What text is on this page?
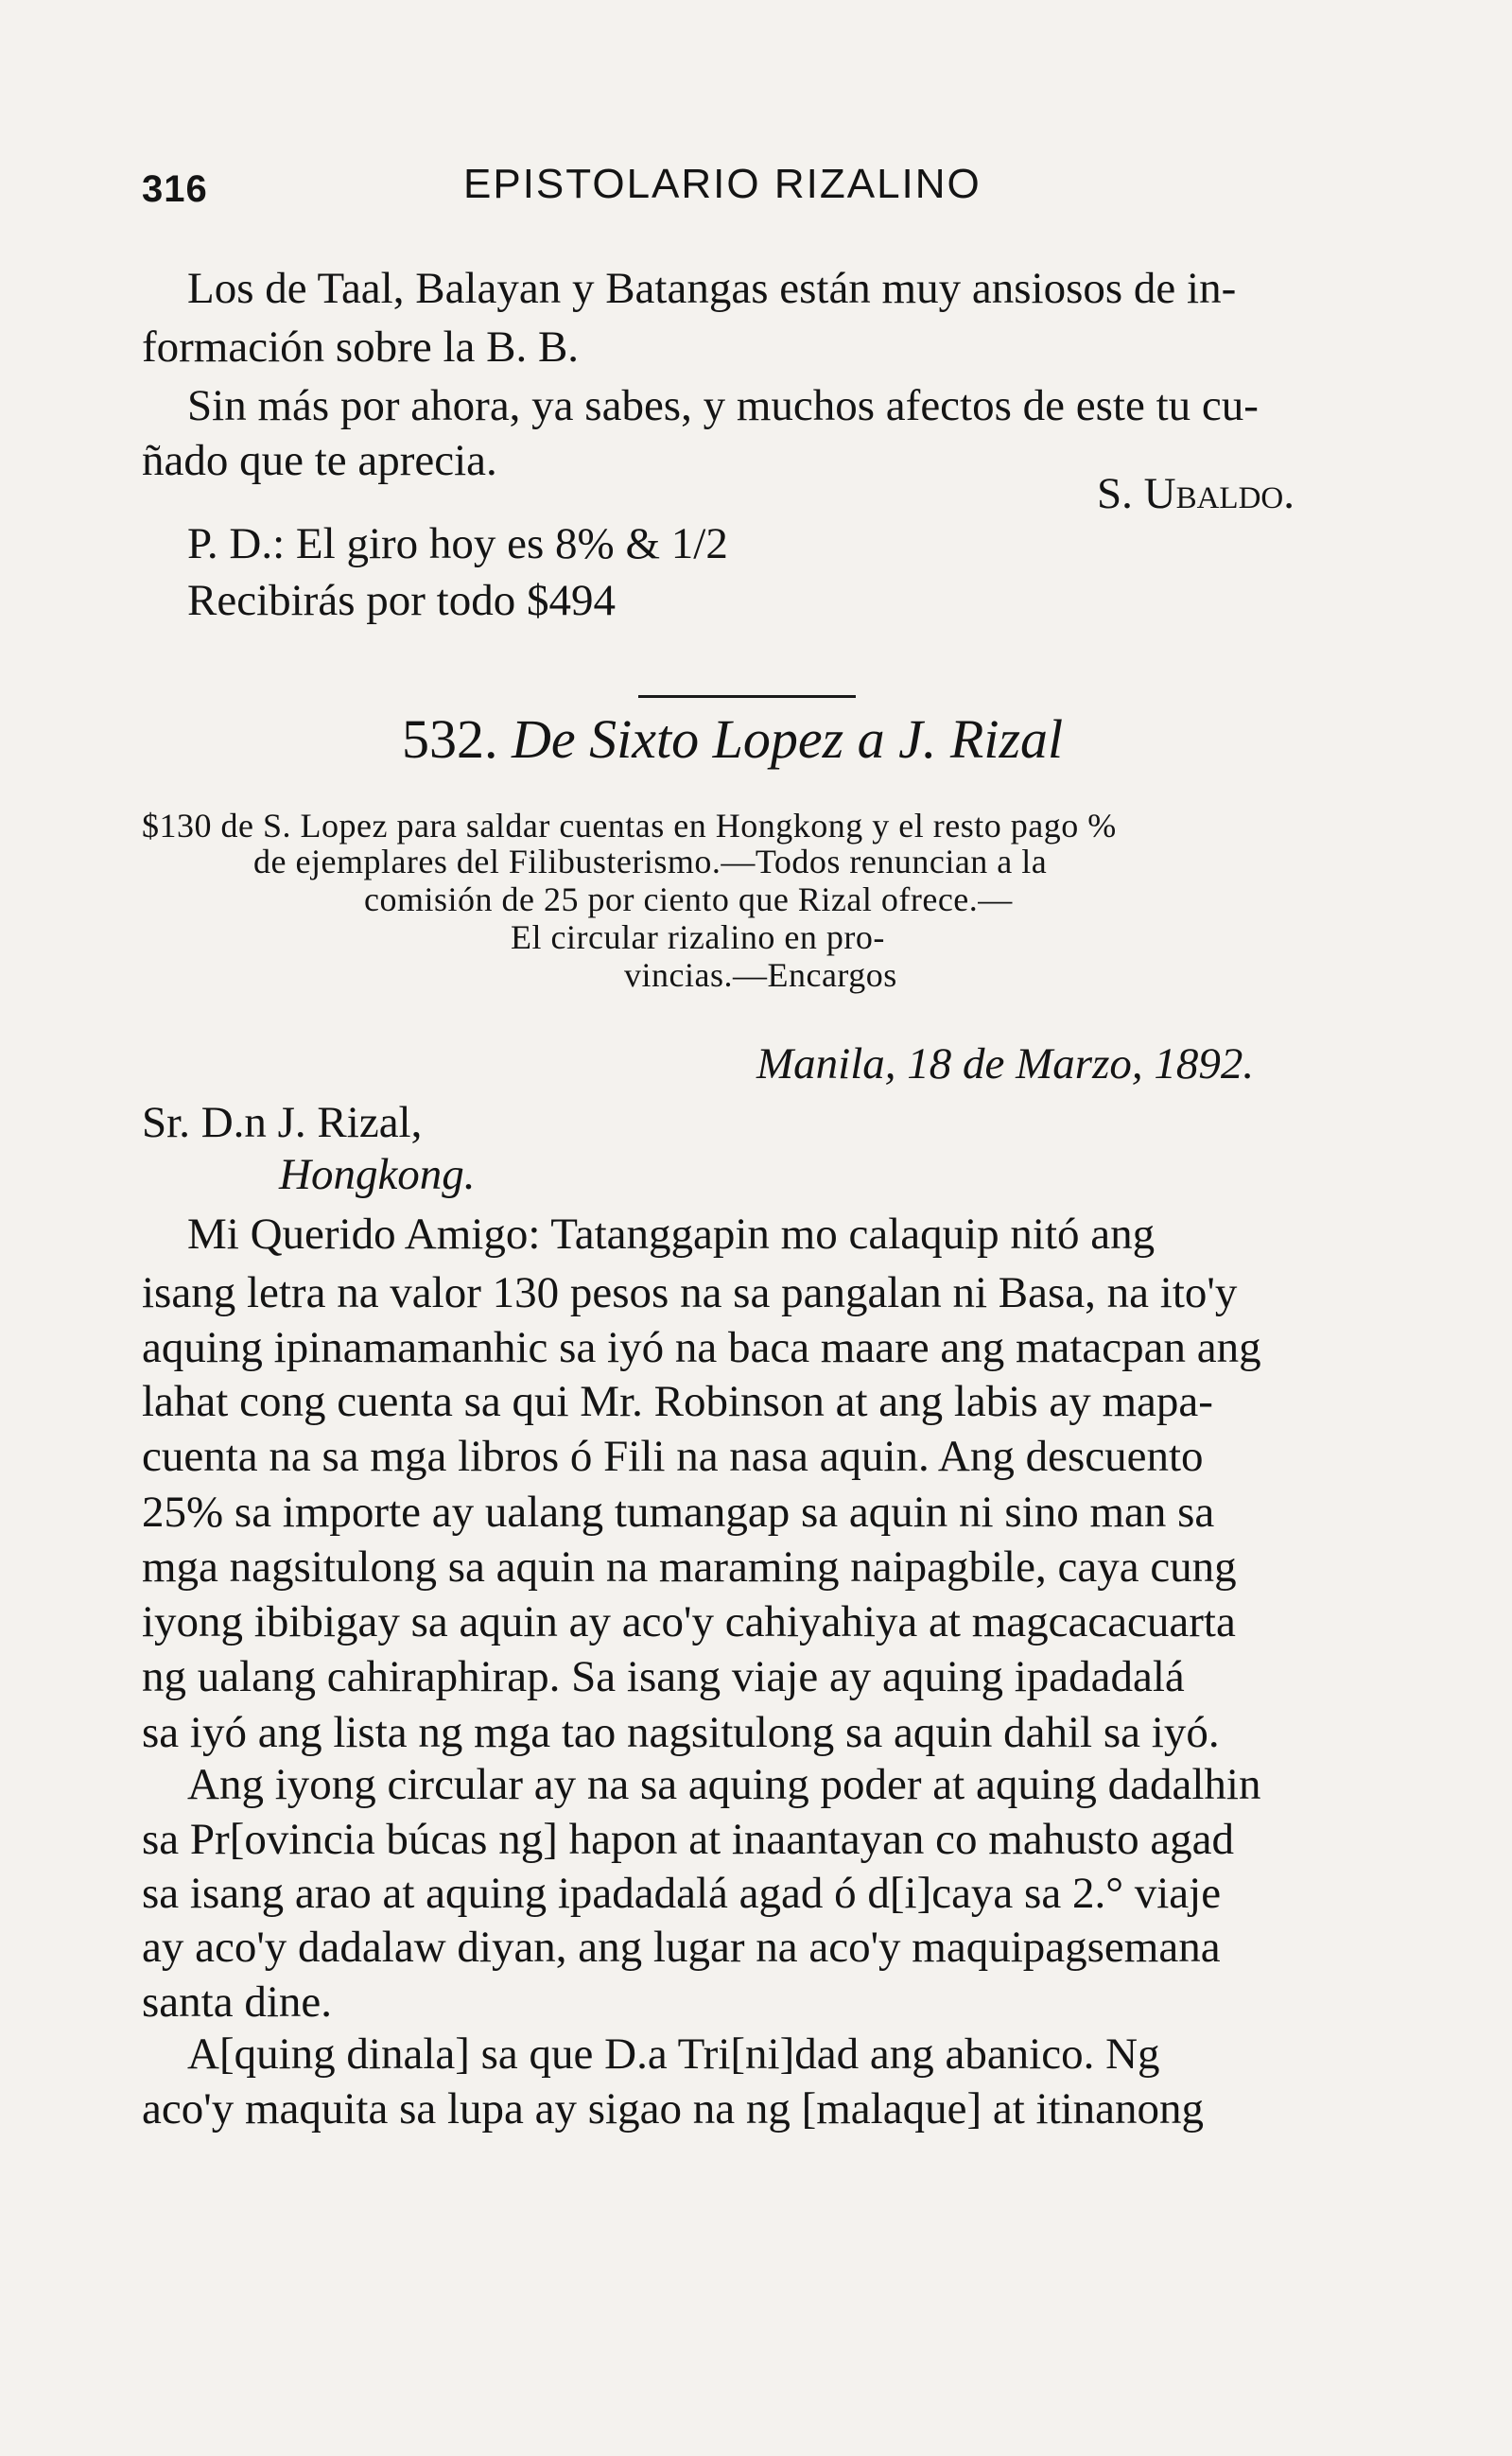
316	EPISTOLARIO RIZALINO
Los de Taal, Balayan y Batangas están muy ansiosos de in-
formación sobre la B. B.
Sin más por ahora, ya sabes, y muchos afectos de este tu cu-
ñado que te aprecia.
S. Ubaldo.
P. D.: El giro hoy es 8% & 1/2
Recibirás por todo $494
532. De Sixto Lopez a J. Rizal
$130 de S. Lopez para saldar cuentas en Hongkong y el resto pago %
de ejemplares del Filibusterismo.—Todos renuncian a la
comisión de 25 por ciento que Rizal ofrece.—
El circular rizalino en pro-
vincias.—Encargos
Manila, 18 de Marzo, 1892.
Sr. D.n J. Rizal,
Hongkong.
Mi Querido Amigo: Tatanggapin mo calaquip nitó ang
isang letra na valor 130 pesos na sa pangalan ni Basa, na ito'y
aquing ipinamamanhic sa iyó na baca maare ang matacpan ang
lahat cong cuenta sa qui Mr. Robinson at ang labis ay mapa-
cuenta na sa mga libros ó Fili na nasa aquin. Ang descuento
25% sa importe ay ualang tumangap sa aquin ni sino man sa
mga nagsitulong sa aquin na maraming naipagbile, caya cung
iyong ibibigay sa aquin ay aco'y cahiyahiya at magcacacuarta
ng ualang cahiraphirap. Sa isang viaje ay aquing ipadadalá
sa iyó ang lista ng mga tao nagsitulong sa aquin dahil sa iyó.
Ang iyong circular ay na sa aquing poder at aquing dadalhin
sa Pr[ovincia búcas ng] hapon at inaantayan co mahusto agad
sa isang arao at aquing ipadadalá agad ó d[i]caya sa 2.° viaje
ay aco'y dadalaw diyan, ang lugar na aco'y maquipagsemana
santa dine.
A[quing dinala] sa que D.a Tri[ni]dad ang abanico. Ng
aco'y maquita sa lupa ay sigao na ng [malaque] at itinanong
